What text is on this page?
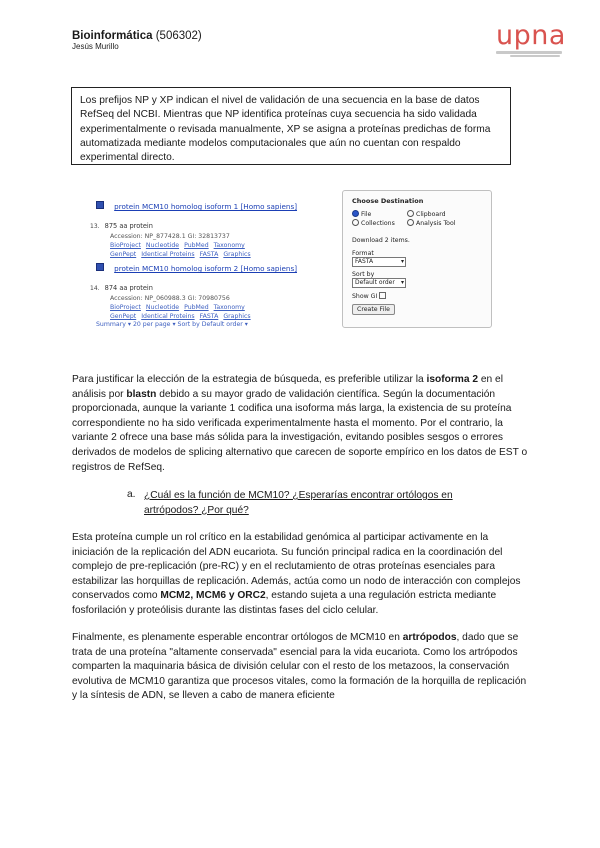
Bioinformática (506302)
Jesús Murillo	upna
Los prefijos NP y XP indican el nivel de validación de una secuencia en la base de datos RefSeq del NCBI. Mientras que NP identifica proteínas cuya secuencia ha sido validada experimentalmente o revisada manualmente, XP se asigna a proteínas predichas de forma automatizada mediante modelos computacionales que aún no cuentan con respaldo experimental directo.
protein MCM10 homolog isoform 1 [Homo sapiens]
13. 875 aa protein
Accession: NP_877428.1 GI: 32813737
BioProject Nucleotide PubMed Taxonomy
GenPept Identical Proteins FASTA Graphics
protein MCM10 homolog isoform 2 [Homo sapiens]
14. 874 aa protein
Accession: NP_060988.3 GI: 70980756
BioProject Nucleotide PubMed Taxonomy
GenPept Identical Proteins FASTA Graphics
Summary ▾ 20 per page ▾ Sort by Default order ▾
Choose Destination
File	Clipboard
Collections	Analysis Tool
Download 2 items.
Format
FASTA ▾
Sort by
Default order ▾
Show GI
Create File
Para justificar la elección de la estrategia de búsqueda, es preferible utilizar la isoforma 2 en el análisis por blastn debido a su mayor grado de validación científica. Según la documentación proporcionada, aunque la variante 1 codifica una isoforma más larga, la existencia de su proteína correspondiente no ha sido verificada experimentalmente hasta el momento. Por el contrario, la variante 2 ofrece una base más sólida para la investigación, evitando posibles sesgos o errores derivados de modelos de splicing alternativo que carecen de soporte empírico en los datos de EST o registros de RefSeq.
a. ¿Cuál es la función de MCM10? ¿Esperarías encontrar ortólogos en artrópodos? ¿Por qué?
Esta proteína cumple un rol crítico en la estabilidad genómica al participar activamente en la iniciación de la replicación del ADN eucariota. Su función principal radica en la coordinación del complejo de pre-replicación (pre-RC) y en el reclutamiento de otras proteínas esenciales para estabilizar las horquillas de replicación. Además, actúa como un nodo de interacción con complejos conservados como MCM2, MCM6 y ORC2, estando sujeta a una regulación estricta mediante fosforilación y proteólisis durante las distintas fases del ciclo celular.
Finalmente, es plenamente esperable encontrar ortólogos de MCM10 en artrópodos, dado que se trata de una proteína "altamente conservada" esencial para la vida eucariota. Como los artrópodos comparten la maquinaria básica de división celular con el resto de los metazoos, la conservación evolutiva de MCM10 garantiza que procesos vitales, como la formación de la horquilla de replicación y la síntesis de ADN, se lleven a cabo de manera eficiente
